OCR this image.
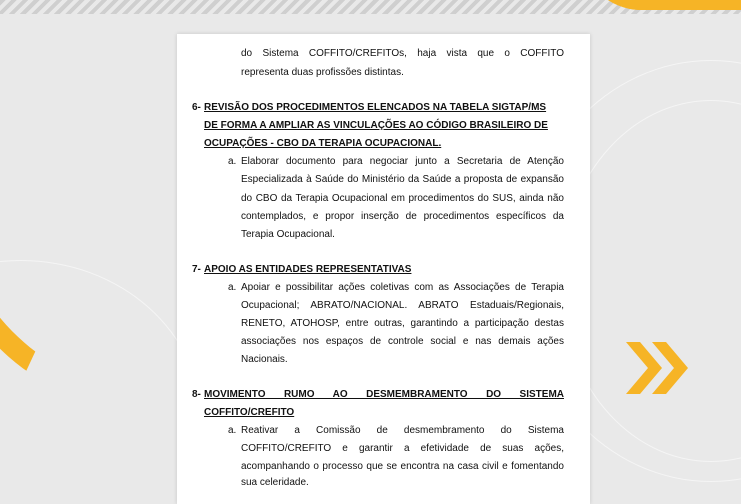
do Sistema COFFITO/CREFITOs, haja vista que o COFFITO
representa duas profissões distintas.
6- REVISÃO DOS PROCEDIMENTOS ELENCADOS NA TABELA SIGTAP/MS
DE FORMA A AMPLIAR AS VINCULAÇÕES AO CÓDIGO BRASILEIRO DE
OCUPAÇÕES - CBO DA TERAPIA OCUPACIONAL.
a. Elaborar documento para negociar junto a Secretaria de Atenção
Especializada à Saúde do Ministério da Saúde a proposta de expansão
do CBO da Terapia Ocupacional em procedimentos do SUS, ainda não
contemplados, e propor inserção de procedimentos específicos da
Terapia Ocupacional.
7- APOIO AS ENTIDADES REPRESENTATIVAS
a. Apoiar e possibilitar ações coletivas com as Associações de Terapia
Ocupacional; ABRATO/NACIONAL. ABRATO Estaduais/Regionais,
RENETO, ATOHOSP, entre outras, garantindo a participação destas
associações nos espaços de controle social e nas demais ações
Nacionais.
8- MOVIMENTO RUMO AO DESMEMBRAMENTO DO SISTEMA
COFFITO/CREFITO
a. Reativar a Comissão de desmembramento do Sistema
COFFITO/CREFITO e garantir a efetividade de suas ações,
acompanhando o processo que se encontra na casa civil e fomentando
sua celeridade.
